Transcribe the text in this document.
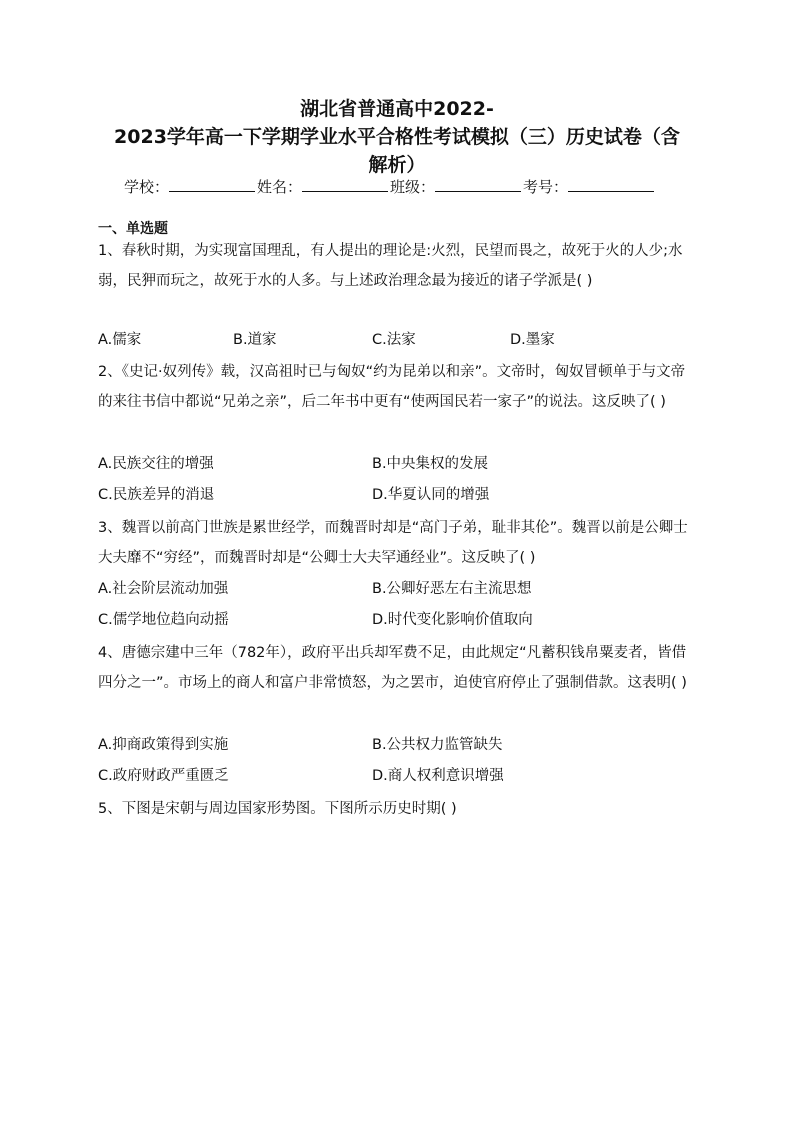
湖北省普通高中2022-
2023学年高一下学期学业水平合格性考试模拟（三）历史试卷（含
解析）
学校：	姓名：	班级：	考号：
一、单选题
1、春秋时期，为实现富国理乱，有人提出的理论是:火烈，民望而畏之，故死于火的人少;水弱，民狎而玩之，故死于水的人多。与上述政治理念最为接近的诸子学派是( )
A.儒家	B.道家	C.法家	D.墨家
2、《史记·奴列传》载，汉高祖时已与匈奴“约为昆弟以和亲”。文帝时，匈奴冒顿单于与文帝的来往书信中都说“兄弟之亲”，后二年书中更有“使两国民若一家子”的说法。这反映了( )
A.民族交往的增强	B.中央集权的发展
C.民族差异的消退	D.华夏认同的增强
3、魏晋以前高门世族是累世经学，而魏晋时却是“高门子弟，耻非其伦”。魏晋以前是公卿士大夫靡不“穷经”，而魏晋时却是“公卿士大夫罕通经业”。这反映了( )
A.社会阶层流动加强	B.公卿好恶左右主流思想
C.儒学地位趋向动摇	D.时代变化影响价值取向
4、唐德宗建中三年（782年），政府平出兵却军费不足，由此规定“凡蓄积钱帛粟麦者，皆借四分之一”。市场上的商人和富户非常愤怒，为之罢市，迫使官府停止了强制借款。这表明( )
A.抑商政策得到实施	B.公共权力监管缺失
C.政府财政严重匮乏	D.商人权利意识增强
5、下图是宋朝与周边国家形势图。下图所示历史时期( )
